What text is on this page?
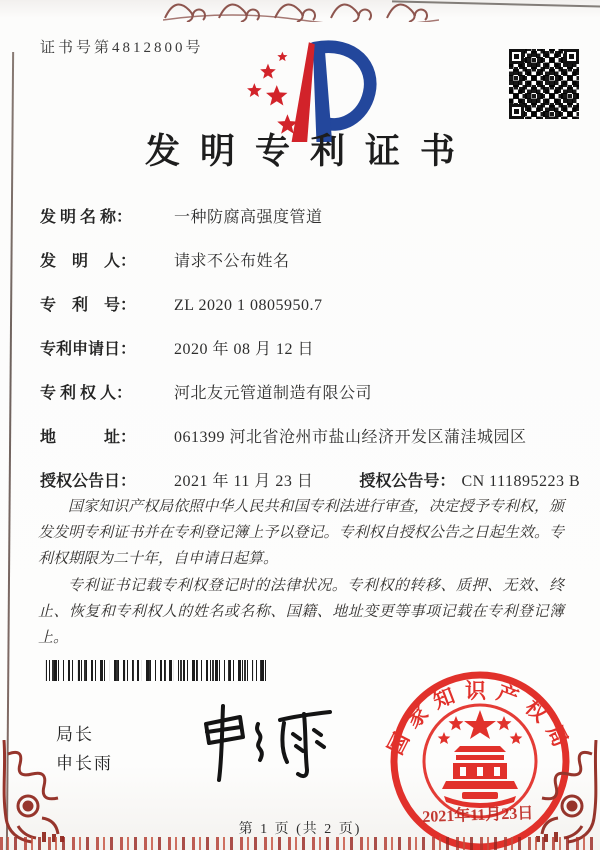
证书号第4812800号
发明专利证书
发 明 名 称：	一种防腐高强度管道
发　明　人：	请求不公布姓名
专　利　号：	ZL 2020 1 0805950.7
专利申请日：	2020 年 08 月 12 日
专 利 权 人：	河北友元管道制造有限公司
地　　　址：	061399 河北省沧州市盐山经济开发区蒲洼城园区
授权公告日：	2021 年 11 月 23 日	授权公告号： CN 111895223 B

国家知识产权局依照中华人民共和国专利法进行审查，决定授予专利权，颁发发明专利证书并在专利登记簿上予以登记。专利权自授权公告之日起生效。专利权期限为二十年，自申请日起算。

专利证书记载专利权登记时的法律状况。专利权的转移、质押、无效、终止、恢复和专利权人的姓名或名称、国籍、地址变更等事项记载在专利登记簿上。

局长
申长雨
国家知识产权局
2021年11月23日
第 1 页 (共 2 页)
